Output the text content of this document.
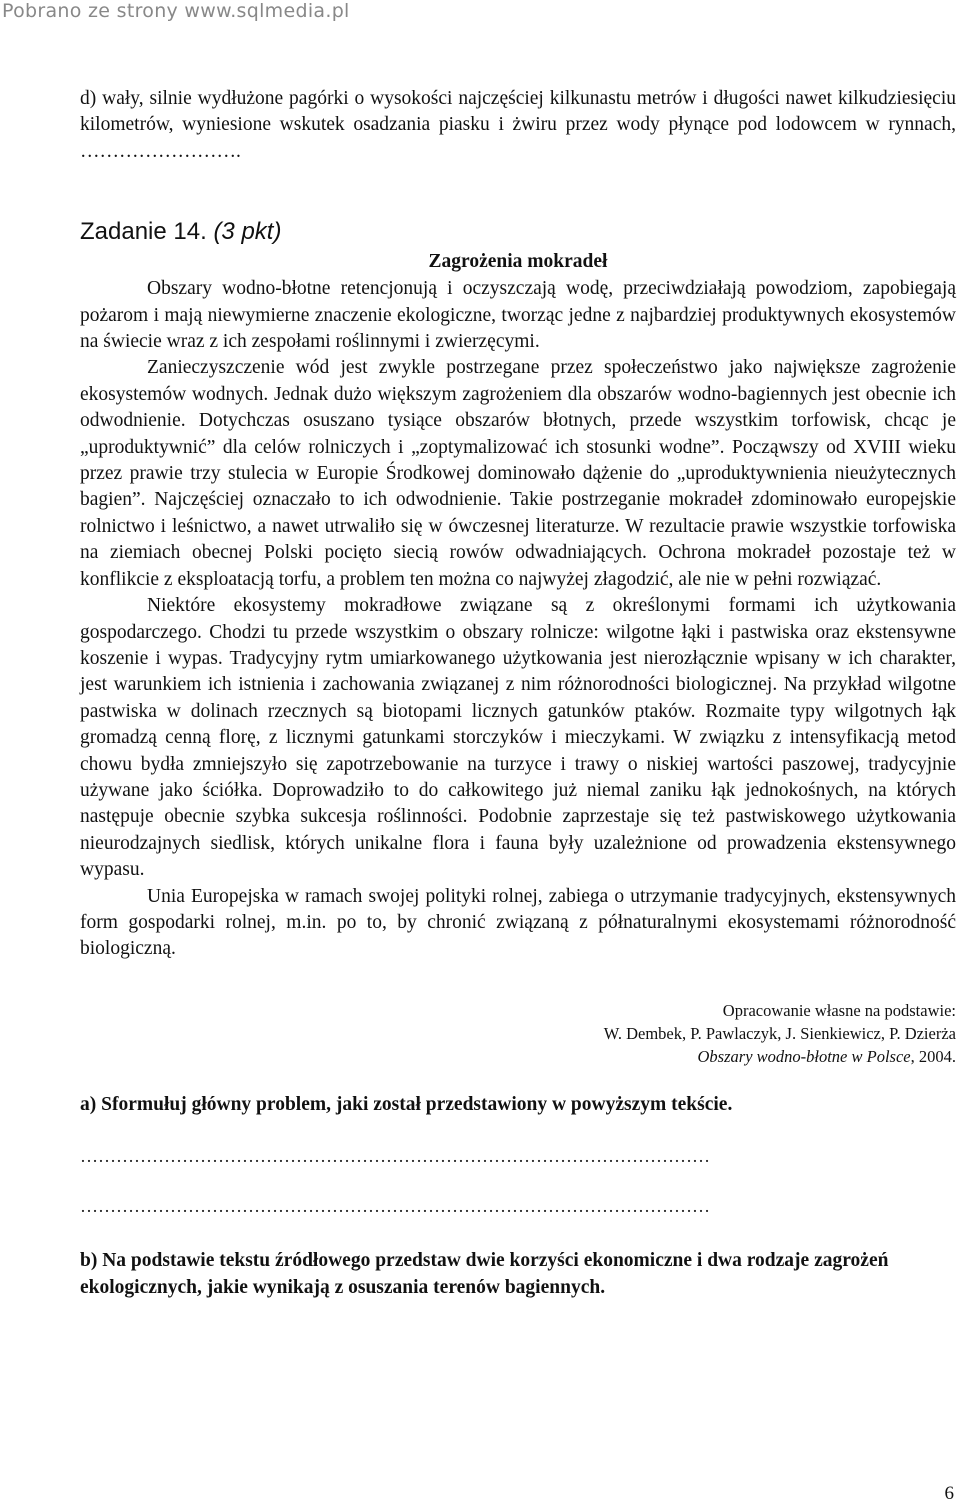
Pobrano ze strony www.sqlmedia.pl

d) wały, silnie wydłużone pagórki o wysokości najczęściej kilkunastu metrów i długości nawet kilkudziesięciu kilometrów, wyniesione wskutek osadzania piasku i żwiru przez wody płynące pod lodowcem w rynnach, …………………….

Zadanie 14. (3 pkt)

Zagrożenia mokradeł

Obszary wodno-błotne retencjonują i oczyszczają wodę, przeciwdziałają powodziom, zapobiegają pożarom i mają niewymierne znaczenie ekologiczne, tworząc jedne z najbardziej produktywnych ekosystemów na świecie wraz z ich zespołami roślinnymi i zwierzęcymi.

Zanieczyszczenie wód jest zwykle postrzegane przez społeczeństwo jako największe zagrożenie ekosystemów wodnych. Jednak dużo większym zagrożeniem dla obszarów wodno-bagiennych jest obecnie ich odwodnienie. Dotychczas osuszano tysiące obszarów błotnych, przede wszystkim torfowisk, chcąc je „uproduktywnić” dla celów rolniczych i „zoptymalizować ich stosunki wodne”. Począwszy od XVIII wieku przez prawie trzy stulecia w Europie Środkowej dominowało dążenie do „uproduktywnienia nieużytecznych bagien”. Najczęściej oznaczało to ich odwodnienie. Takie postrzeganie mokradeł zdominowało europejskie rolnictwo i leśnictwo, a nawet utrwaliło się w ówczesnej literaturze. W rezultacie prawie wszystkie torfowiska na ziemiach obecnej Polski pocięto siecią rowów odwadniających. Ochrona mokradeł pozostaje też w konflikcie z eksploatacją torfu, a problem ten można co najwyżej złagodzić, ale nie w pełni rozwiązać.

Niektóre ekosystemy mokradłowe związane są z określonymi formami ich użytkowania gospodarczego. Chodzi tu przede wszystkim o obszary rolnicze: wilgotne łąki i pastwiska oraz ekstensywne koszenie i wypas. Tradycyjny rytm umiarkowanego użytkowania jest nierozłącznie wpisany w ich charakter, jest warunkiem ich istnienia i zachowania związanej z nim różnorodności biologicznej. Na przykład wilgotne pastwiska w dolinach rzecznych są biotopami licznych gatunków ptaków. Rozmaite typy wilgotnych łąk gromadzą cenną florę, z licznymi gatunkami storczyków i mieczykami. W związku z intensyfikacją metod chowu bydła zmniejszyło się zapotrzebowanie na turzyce i trawy o niskiej wartości paszowej, tradycyjnie używane jako ściółka. Doprowadziło to do całkowitego już niemal zaniku łąk jednokośnych, na których następuje obecnie szybka sukcesja roślinności. Podobnie zaprzestaje się też pastwiskowego użytkowania nieurodzajnych siedlisk, których unikalne flora i fauna były uzależnione od prowadzenia ekstensywnego wypasu.

Unia Europejska w ramach swojej polityki rolnej, zabiega o utrzymanie tradycyjnych, ekstensywnych form gospodarki rolnej, m.in. po to, by chronić związaną z półnaturalnymi ekosystemami różnorodność biologiczną.

Opracowanie własne na podstawie:
W. Dembek, P. Pawlaczyk, J. Sienkiewicz, P. Dzierża
Obszary wodno-błotne w Polsce, 2004.

a) Sformułuj główny problem, jaki został przedstawiony w powyższym tekście.

……………………………………………………………………………………………
……………………………………………………………………………………………

b) Na podstawie tekstu źródłowego przedstaw dwie korzyści ekonomiczne i dwa rodzaje zagrożeń ekologicznych, jakie wynikają z osuszania terenów bagiennych.

6
